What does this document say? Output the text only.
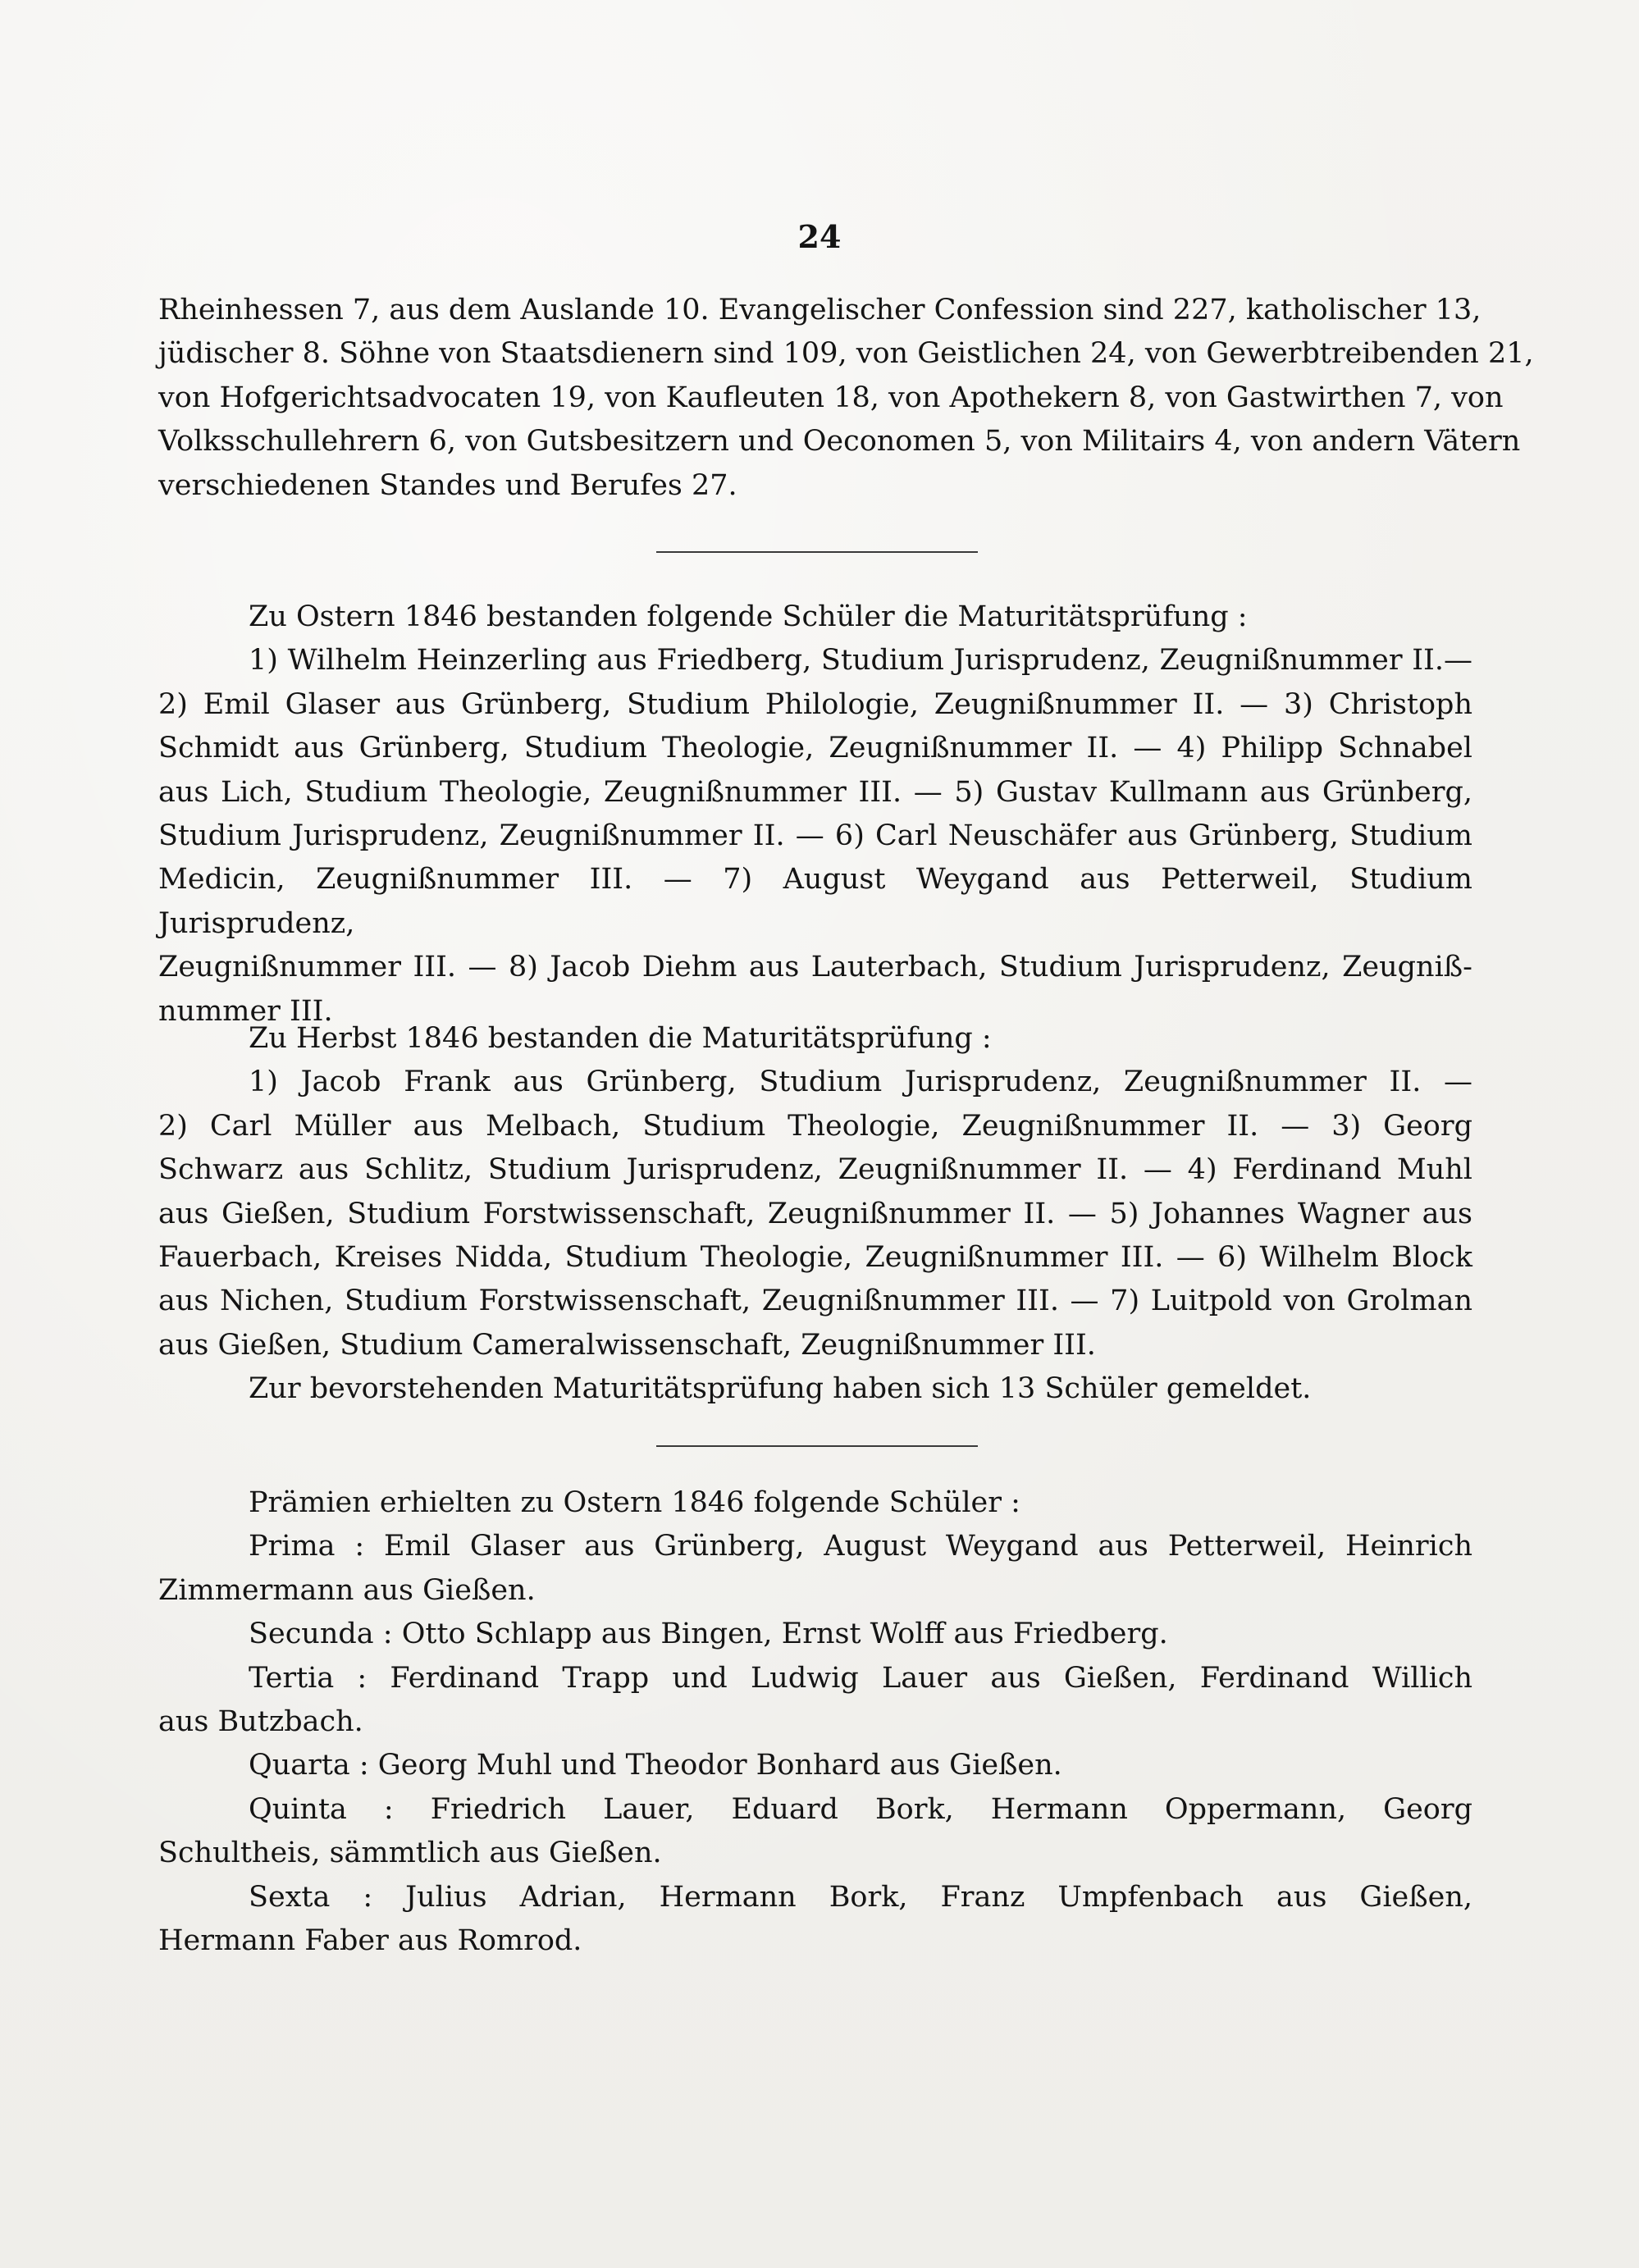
24

Rheinhessen 7, aus dem Auslande 10. Evangelischer Confession sind 227, katholischer 13,

jüdischer 8. Söhne von Staatsdienern sind 109, von Geistlichen 24, von Gewerbtreibenden 21,

von Hofgerichtsadvocaten 19, von Kaufleuten 18, von Apothekern 8, von Gastwirthen 7, von

Volksschullehrern 6, von Gutsbesitzern und Oeconomen 5, von Militairs 4, von andern Vätern

verschiedenen Standes und Berufes 27.

Zu Ostern 1846 bestanden folgende Schüler die Maturitätsprüfung :

1) Wilhelm Heinzerling aus Friedberg, Studium Jurisprudenz, Zeugnißnummer II.—

2) Emil Glaser aus Grünberg, Studium Philologie, Zeugnißnummer II. — 3) Christoph

Schmidt aus Grünberg, Studium Theologie, Zeugnißnummer II. — 4) Philipp Schnabel

aus Lich, Studium Theologie, Zeugnißnummer III. — 5) Gustav Kullmann aus Grünberg,

Studium Jurisprudenz, Zeugnißnummer II. — 6) Carl Neuschäfer aus Grünberg, Studium

Medicin, Zeugnißnummer III. — 7) August Weygand aus Petterweil, Studium Jurisprudenz,

Zeugnißnummer III. — 8) Jacob Diehm aus Lauterbach, Studium Jurisprudenz, Zeugniß-

nummer III.

Zu Herbst 1846 bestanden die Maturitätsprüfung :

1) Jacob Frank aus Grünberg, Studium Jurisprudenz, Zeugnißnummer II. —

2) Carl Müller aus Melbach, Studium Theologie, Zeugnißnummer II. — 3) Georg

Schwarz aus Schlitz, Studium Jurisprudenz, Zeugnißnummer II. — 4) Ferdinand Muhl

aus Gießen, Studium Forstwissenschaft, Zeugnißnummer II. — 5) Johannes Wagner aus

Fauerbach, Kreises Nidda, Studium Theologie, Zeugnißnummer III. — 6) Wilhelm Block

aus Nichen, Studium Forstwissenschaft, Zeugnißnummer III. — 7) Luitpold von Grolman

aus Gießen, Studium Cameralwissenschaft, Zeugnißnummer III.

Zur bevorstehenden Maturitätsprüfung haben sich 13 Schüler gemeldet.

Prämien erhielten zu Ostern 1846 folgende Schüler :

Prima : Emil Glaser aus Grünberg, August Weygand aus Petterweil, Heinrich

Zimmermann aus Gießen.

Secunda : Otto Schlapp aus Bingen, Ernst Wolff aus Friedberg.

Tertia : Ferdinand Trapp und Ludwig Lauer aus Gießen, Ferdinand Willich

aus Butzbach.

Quarta : Georg Muhl und Theodor Bonhard aus Gießen.

Quinta : Friedrich Lauer, Eduard Bork, Hermann Oppermann, Georg

Schultheis, sämmtlich aus Gießen.

Sexta : Julius Adrian, Hermann Bork, Franz Umpfenbach aus Gießen,

Hermann Faber aus Romrod.
